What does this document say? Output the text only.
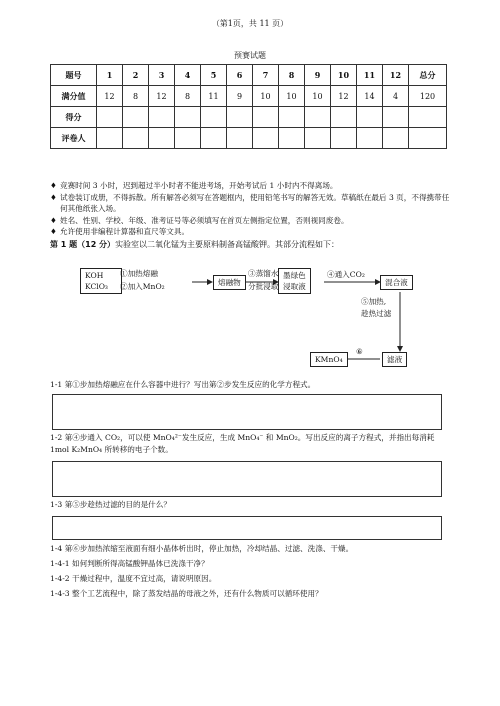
（第1页，共 11 页）
预赛试题
题号	1	2	3	4	5	6	7	8	9	10	11	12	总分
满分值	12	8	12	8	11	9	10	10	10	12	14	4	120
得分													
评卷人													
♦ 竞赛时间 3 小时，迟到超过半小时者不能进考场，开始考试后 1 小时内不得离场。
♦ 试卷装订成册，不得拆散。所有解答必须写在答题框内，使用铅笔书写的解答无效。草稿纸在最后 3 页，不得携带任何其他纸张入场。
♦ 姓名、性别、学校、年级、准考证号等必须填写在首页左侧指定位置，否则视同废卷。
♦ 允许使用非编程计算器和直尺等文具。
第 1 题（12 分）实验室以二氧化锰为主要原料制备高锰酸钾。其部分流程如下：
KOH
KClO₃
①加热熔融
②加入MnO₂	熔融物
③蒸馏水
分批浸取
墨绿色
浸取液
④通入CO₂
混合液
⑤加热,
趁热过滤
滤液
⑥
KMnO₄
1-1 第①步加热熔融应在什么容器中进行？写出第②步发生反应的化学方程式。
1-2 第④步通入 CO₂，可以使 MnO₄²⁻发生反应，生成 MnO₄⁻ 和 MnO₂。写出反应的离子方程式，并指出每消耗 1mol K₂MnO₄ 所转移的电子个数。
1-3 第⑤步趁热过滤的目的是什么？
1-4 第⑥步加热浓缩至液面有细小晶体析出时，停止加热，冷却结晶、过滤、洗涤、干燥。
1-4-1 如何判断所得高锰酸钾晶体已洗涤干净？
1-4-2 干燥过程中，温度不宜过高，请说明原因。
1-4-3 整个工艺流程中，除了蒸发结晶的母液之外，还有什么物质可以循环使用？
